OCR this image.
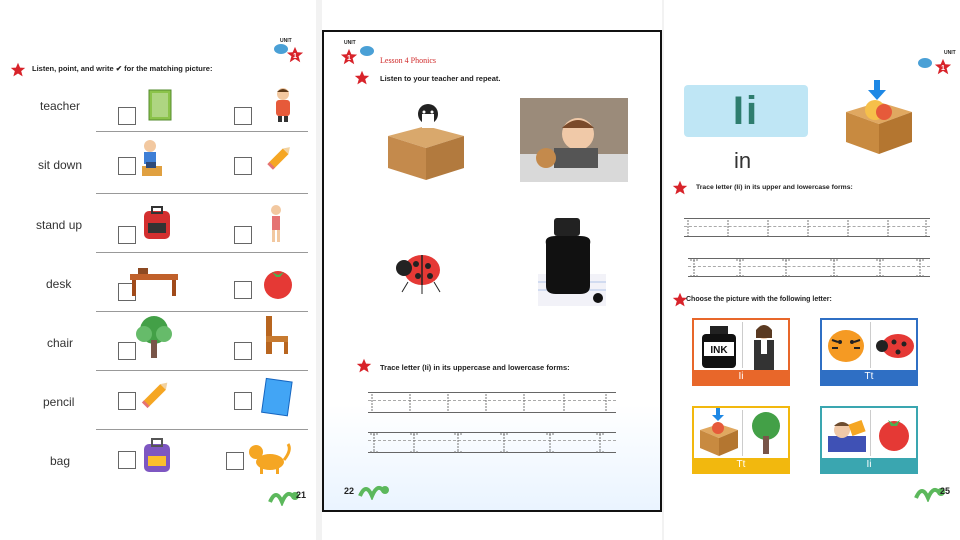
UNIT
1
Listen, point, and write ✔ for the matching picture:
teacher
sit down
stand up
desk
chair
pencil
bag
21
UNIT
1	Lesson 4 Phonics
Listen to your teacher and repeat.
Trace letter (Ii) in its uppercase and lowercase forms:
22
UNIT
1
Ii
in
Trace letter (Ii) in its upper and lowercase forms:
Choose the picture with the following letter:
INK
Ii	Tt
Tt	Ii
25
